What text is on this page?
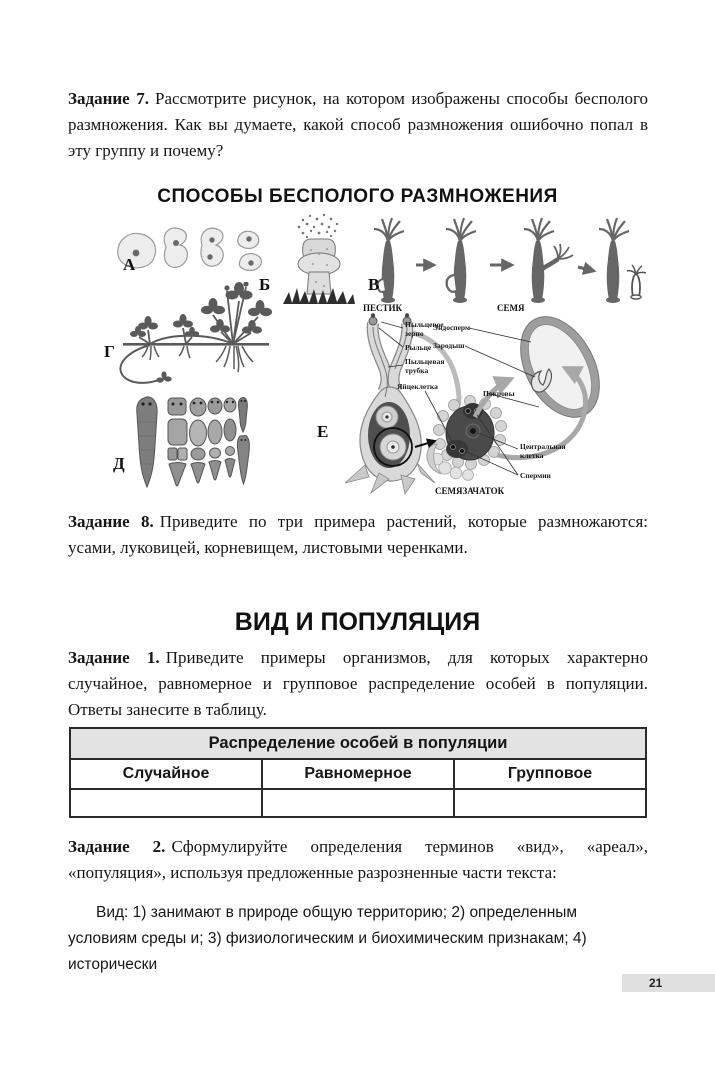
Задание 7. Рассмотрите рисунок, на котором изображены способы бесполого размножения. Как вы думаете, какой способ размножения ошибочно попал в эту группу и почему?

СПОСОБЫ БЕСПОЛОГО РАЗМНОЖЕНИЯ
А
Б	В
Г
Д
ПЕСТИК	СЕМЯ
Пыльцевое
зерно
Рыльце
Пыльцевая
трубка
Яйцеклетка
Эндосперм
Зародыш
Покровы
Центральная
клетка
Спермии
СЕМЯЗАЧАТОК
Е

Задание 8. Приведите по три примера растений, которые размножаются: усами, луковицей, корневищем, листовыми черенками.

ВИД И ПОПУЛЯЦИЯ

Задание 1. Приведите примеры организмов, для которых характерно случайное, равномерное и групповое распределение особей в популяции. Ответы занесите в таблицу.

Распределение особей в популяции		
Случайное	Равномерное	Групповое

Задание 2. Сформулируйте определения терминов «вид», «ареал», «популяция», используя предложенные разрозненные части текста:

Вид: 1) занимают в природе общую территорию; 2) определенным условиям среды и; 3) физиологическим и биохимическим признакам; 4) исторически

21
